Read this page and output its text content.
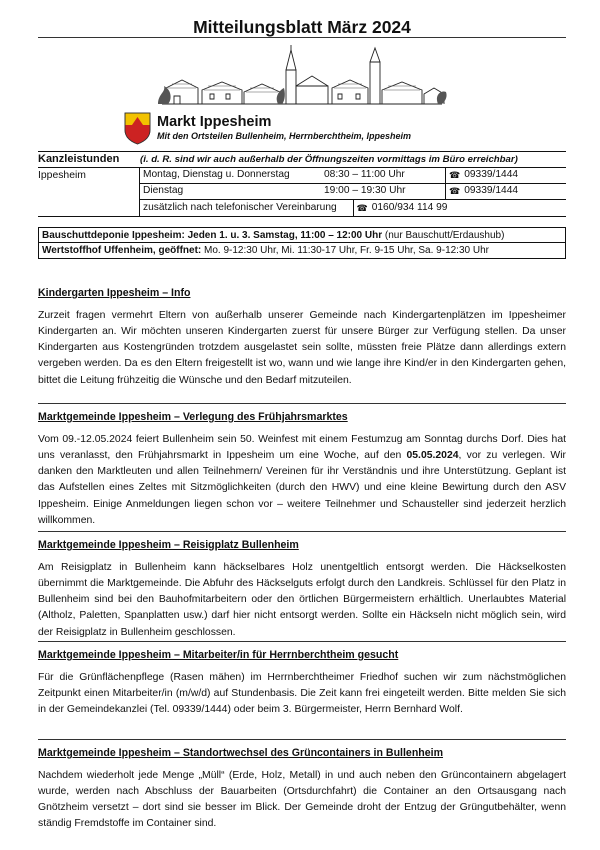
Mitteilungsblatt März 2024
Markt Ippesheim
Mit den Ortsteilen Bullenheim, Herrnberchtheim, Ippesheim
Kanzleistunden	(i. d. R. sind wir auch außerhalb der Öffnungszeiten vormittags im Büro erreichbar)
Ippesheim	Montag, Dienstag u. Donnerstag	08:30 – 11:00 Uhr	☎ 09339/1444
Dienstag	19:00 – 19:30 Uhr	☎ 09339/1444
zusätzlich nach telefonischer Vereinbarung	☎ 0160/934 114 99
Bauschuttdeponie Ippesheim: Jeden 1. u. 3. Samstag, 11:00 – 12:00 Uhr (nur Bauschutt/Erdaushub)
Wertstoffhof Uffenheim, geöffnet: Mo. 9-12:30 Uhr, Mi. 11:30-17 Uhr, Fr. 9-15 Uhr, Sa. 9-12:30 Uhr
Kindergarten Ippesheim – Info
Zurzeit fragen vermehrt Eltern von außerhalb unserer Gemeinde nach Kindergartenplätzen im Ippesheimer Kindergarten an. Wir möchten unseren Kindergarten zuerst für unsere Bürger zur Verfügung stellen. Da unser Kindergarten aus Kostengründen trotzdem ausgelastet sein sollte, müssten freie Plätze dann allerdings extern vergeben werden. Da es den Eltern freigestellt ist wo, wann und wie lange ihre Kind/er in den Kindergarten gehen, bittet die Leitung frühzeitig die Wünsche und den Bedarf mitzuteilen.
Marktgemeinde Ippesheim – Verlegung des Frühjahrsmarktes
Vom 09.-12.05.2024 feiert Bullenheim sein 50. Weinfest mit einem Festumzug am Sonntag durchs Dorf. Dies hat uns veranlasst, den Frühjahrsmarkt in Ippesheim um eine Woche, auf den 05.05.2024, vor zu verlegen. Wir danken den Marktleuten und allen Teilnehmern/ Vereinen für ihr Verständnis und ihre Unterstützung. Geplant ist das Aufstellen eines Zeltes mit Sitzmöglichkeiten (durch den HWV) und eine kleine Bewirtung durch den ASV Ippesheim. Einige Anmeldungen liegen schon vor – weitere Teilnehmer und Schausteller sind jederzeit herzlich willkommen.
Marktgemeinde Ippesheim – Reisigplatz Bullenheim
Am Reisigplatz in Bullenheim kann häckselbares Holz unentgeltlich entsorgt werden. Die Häckselkosten übernimmt die Marktgemeinde. Die Abfuhr des Häckselguts erfolgt durch den Landkreis. Schlüssel für den Platz in Bullenheim sind bei den Bauhofmitarbeitern oder den örtlichen Bürgermeistern erhältlich. Unerlaubtes Material (Altholz, Paletten, Spanplatten usw.) darf hier nicht entsorgt werden. Sollte ein Häckseln nicht möglich sein, wird der Reisigplatz in Bullenheim geschlossen.
Marktgemeinde Ippesheim – Mitarbeiter/in für Herrnberchtheim gesucht
Für die Grünflächenpflege (Rasen mähen) im Herrnberchtheimer Friedhof suchen wir zum nächstmöglichen Zeitpunkt einen Mitarbeiter/in (m/w/d) auf Stundenbasis. Die Zeit kann frei eingeteilt werden. Bitte melden Sie sich in der Gemeindekanzlei (Tel. 09339/1444) oder beim 3. Bürgermeister, Herrn Bernhard Wolf.
Marktgemeinde Ippesheim – Standortwechsel des Grüncontainers in Bullenheim
Nachdem wiederholt jede Menge „Müll“ (Erde, Holz, Metall) in und auch neben den Grüncontainern abgelagert wurde, werden nach Abschluss der Bauarbeiten (Ortsdurchfahrt) die Container an den Ortsausgang nach Gnötzheim versetzt – dort sind sie besser im Blick. Der Gemeinde droht der Entzug der Grüngutbehälter, wenn ständig Fremdstoffe im Container sind.
